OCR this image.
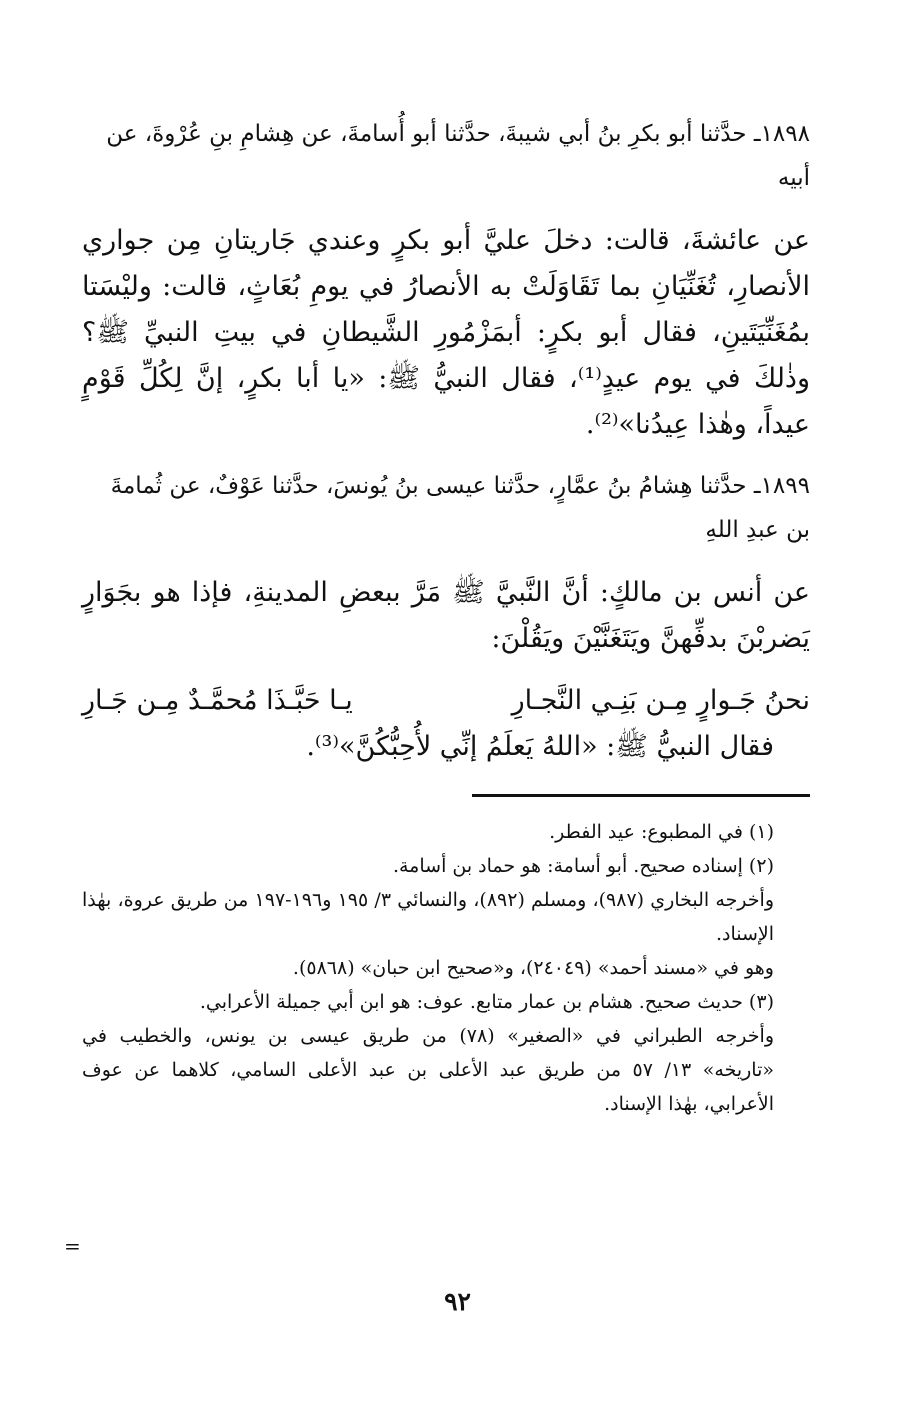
١٨٩٨ـ حدَّثنا أبو بكرِ بنُ أبي شيبةَ، حدَّثنا أبو أُسامةَ، عن هِشامِ بنِ عُرْوةَ، عن أبيه

عن عائشةَ، قالت: دخلَ عليَّ أبو بكرٍ وعندي جَاريتانِ مِن جواري الأنصارِ، تُغَنِّيَانِ بما تَقَاوَلَتْ به الأنصارُ في يومِ بُعَاثٍ، قالت: وليْسَتا بمُغَنِّيَتَينِ، فقال أبو بكرٍ: أبمَزْمُورِ الشَّيطانِ في بيتِ النبيِّ ﷺ؟ وذٰلكَ في يوم عيدٍ⁽¹⁾، فقال النبيُّ ﷺ: «يا أبا بكرٍ، إنَّ لِكُلِّ قَوْمٍ عيداً، وهٰذا عِيدُنا»⁽²⁾.

١٨٩٩ـ حدَّثنا هِشامُ بنُ عمَّارٍ، حدَّثنا عيسى بنُ يُونسَ، حدَّثنا عَوْفٌ، عن ثُمامةَ بن عبدِ اللهِ

عن أنس بن مالكٍ: أنَّ النَّبيَّ ﷺ مَرَّ ببعضِ المدينةِ، فإذا هو بجَوَارٍ يَضربْنَ بدفِّهنَّ ويَتَغَنَّيْنَ ويَقُلْنَ:

نحنُ جَـوارٍ مِـن بَنِـي النَّجـارِ
يـا حَبَّـذَا مُحمَّـدٌ مِـن جَـارِ

فقال النبيُّ ﷺ: «اللهُ يَعلَمُ إنِّي لأُحِبُّكُنَّ»⁽³⁾.

(١) في المطبوع: عيد الفطر.

(٢) إسناده صحيح. أبو أسامة: هو حماد بن أسامة.

وأخرجه البخاري (٩٨٧)، ومسلم (٨٩٢)، والنسائي ٣/ ١٩٥ و١٩٦-١٩٧ من طريق عروة، بهٰذا الإسناد.

وهو في «مسند أحمد» (٢٤٠٤٩)، و«صحيح ابن حبان» (٥٨٦٨).

(٣) حديث صحيح. هشام بن عمار متابع. عوف: هو ابن أبي جميلة الأعرابي.

وأخرجه الطبراني في «الصغير» (٧٨) من طريق عيسى بن يونس، والخطيب في «تاريخه» ١٣/ ٥٧ من طريق عبد الأعلى بن عبد الأعلى السامي، كلاهما عن عوف الأعرابي، بهٰذا الإسناد.

=
٩٢
